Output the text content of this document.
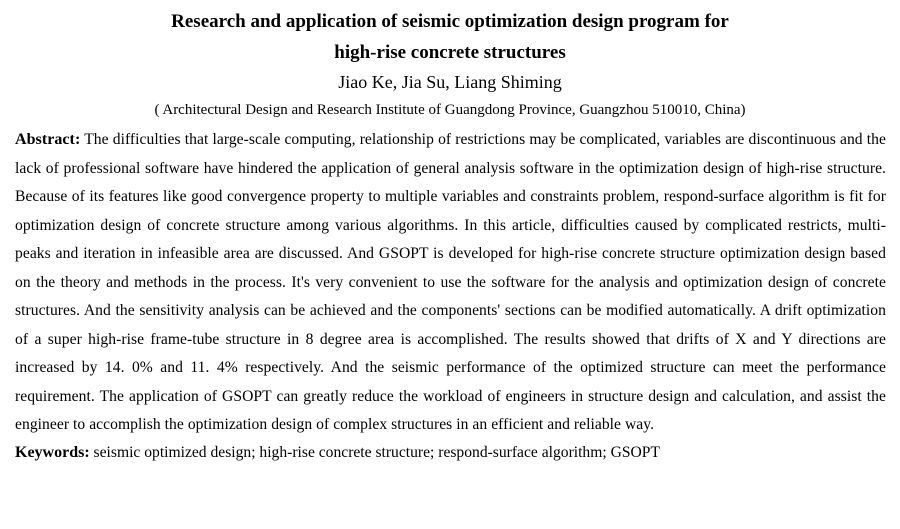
Research and application of seismic optimization design program for
high-rise concrete structures
Jiao Ke, Jia Su, Liang Shiming
( Architectural Design and Research Institute of Guangdong Province, Guangzhou 510010, China)

Abstract: The difficulties that large-scale computing, relationship of restrictions may be complicated, variables are discontinuous and the lack of professional software have hindered the application of general analysis software in the optimization design of high-rise structure. Because of its features like good convergence property to multiple variables and constraints problem, respond-surface algorithm is fit for optimization design of concrete structure among various algorithms. In this article, difficulties caused by complicated restricts, multi-peaks and iteration in infeasible area are discussed. And GSOPT is developed for high-rise concrete structure optimization design based on the theory and methods in the process. It's very convenient to use the software for the analysis and optimization design of concrete structures. And the sensitivity analysis can be achieved and the components' sections can be modified automatically. A drift optimization of a super high-rise frame-tube structure in 8 degree area is accomplished. The results showed that drifts of X and Y directions are increased by 14. 0% and 11. 4% respectively. And the seismic performance of the optimized structure can meet the performance requirement. The application of GSOPT can greatly reduce the workload of engineers in structure design and calculation, and assist the engineer to accomplish the optimization design of complex structures in an efficient and reliable way.

Keywords: seismic optimized design; high-rise concrete structure; respond-surface algorithm; GSOPT
